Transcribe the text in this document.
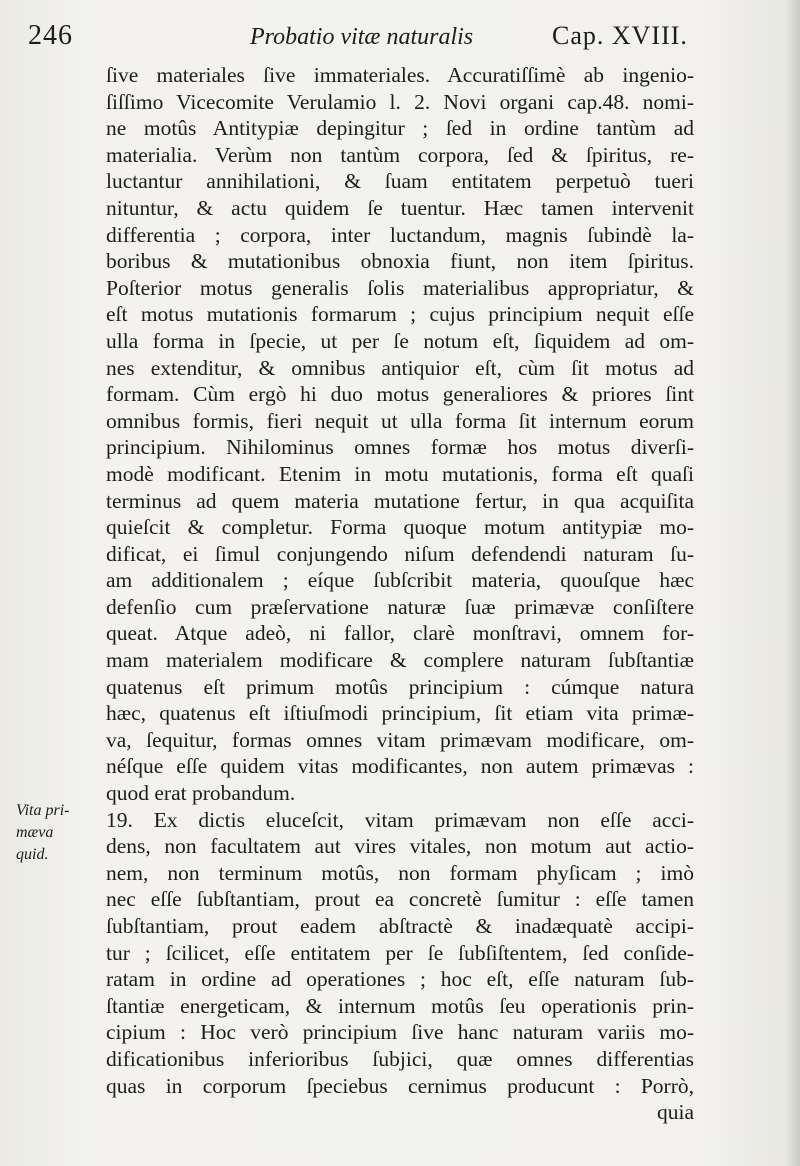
246	Probatio vitæ naturalis	Cap. XVIII.
Vita pri-
mæva
quid.
ſive materiales ſive immateriales. Accuratiſſimè ab ingenio-
ſiſſimo Vicecomite Verulamio l. 2. Novi organi cap.48. nomi-
ne motûs Antitypiæ depingitur ; ſed in ordine tantùm ad
materialia. Verùm non tantùm corpora, ſed & ſpiritus, re-
luctantur annihilationi, & ſuam entitatem perpetuò tueri
nituntur, & actu quidem ſe tuentur. Hæc tamen intervenit
differentia ; corpora, inter luctandum, magnis ſubindè la-
boribus & mutationibus obnoxia fiunt, non item ſpiritus.
Poſterior motus generalis ſolis materialibus appropriatur, &
eſt motus mutationis formarum ; cujus principium nequit eſſe
ulla forma in ſpecie, ut per ſe notum eſt, ſiquidem ad om-
nes extenditur, & omnibus antiquior eſt, cùm ſit motus ad
formam. Cùm ergò hi duo motus generaliores & priores ſint
omnibus formis, fieri nequit ut ulla forma ſit internum eorum
principium. Nihilominus omnes formæ hos motus diverſi-
modè modificant. Etenim in motu mutationis, forma eſt quaſi
terminus ad quem materia mutatione fertur, in qua acquiſita
quieſcit & completur. Forma quoque motum antitypiæ mo-
dificat, ei ſimul conjungendo niſum defendendi naturam ſu-
am additionalem ; eíque ſubſcribit materia, quouſque hæc
defenſio cum præſervatione naturæ ſuæ primævæ conſiſtere
queat. Atque adeò, ni fallor, clarè monſtravi, omnem for-
mam materialem modificare & complere naturam ſubſtantiæ
quatenus eſt primum motûs principium : cúmque natura
hæc, quatenus eſt iſtiuſmodi principium, ſit etiam vita primæ-
va, ſequitur, formas omnes vitam primævam modificare, om-
néſque eſſe quidem vitas modificantes, non autem primævas :
quod erat probandum.
19. Ex dictis eluceſcit, vitam primævam non eſſe acci-
dens, non facultatem aut vires vitales, non motum aut actio-
nem, non terminum motûs, non formam phyſicam ; imò
nec eſſe ſubſtantiam, prout ea concretè ſumitur : eſſe tamen
ſubſtantiam, prout eadem abſtractè & inadæquatè accipi-
tur ; ſcilicet, eſſe entitatem per ſe ſubſiſtentem, ſed conſide-
ratam in ordine ad operationes ; hoc eſt, eſſe naturam ſub-
ſtantiæ energeticam, & internum motûs ſeu operationis prin-
cipium : Hoc verò principium ſive hanc naturam variis mo-
dificationibus inferioribus ſubjici, quæ omnes differentias
quas in corporum ſpeciebus cernimus producunt : Porrò,
quia
